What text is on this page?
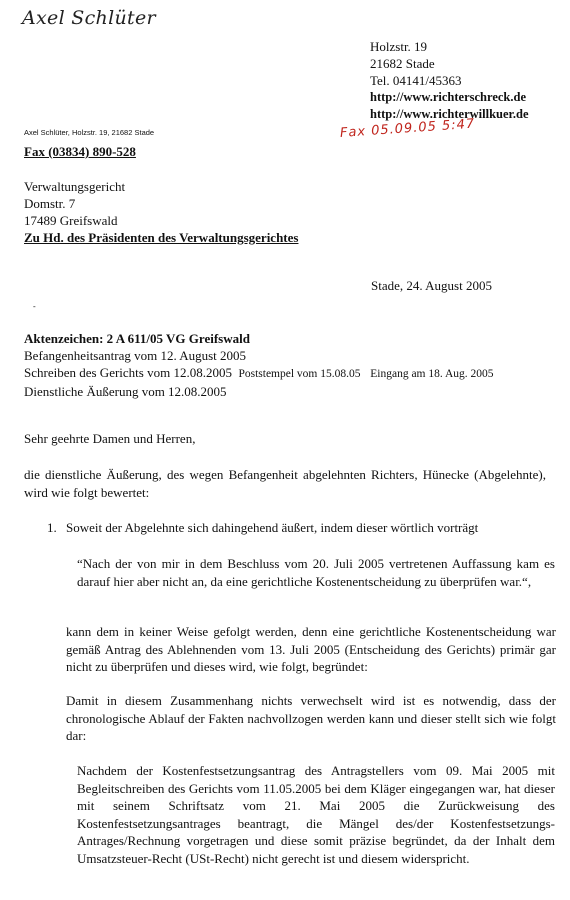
Axel Schlüter
Holzstr. 19
21682 Stade
Tel. 04141/45363
http://www.richterschreck.de
http://www.richterwillkuer.de
Fax 05.09.05 5:47
Axel Schlüter, Holzstr. 19, 21682 Stade
Fax (03834) 890-528
Verwaltungsgericht
Domstr. 7
17489 Greifswald
Zu Hd. des Präsidenten des Verwaltungsgerichtes
Stade, 24. August 2005
-
Aktenzeichen: 2 A 611/05 VG Greifswald
Befangenheitsantrag vom 12. August 2005
Schreiben des Gerichts vom 12.08.2005 Poststempel vom 15.08.05 Eingang am 18. Aug. 2005
Dienstliche Äußerung vom 12.08.2005
Sehr geehrte Damen und Herren,
die dienstliche Äußerung, des wegen Befangenheit abgelehnten Richters, Hünecke (Abgelehnte), wird wie folgt bewertet:
1. Soweit der Abgelehnte sich dahingehend äußert, indem dieser wörtlich vorträgt
“Nach der von mir in dem Beschluss vom 20. Juli 2005 vertretenen Auffassung kam es darauf hier aber nicht an, da eine gerichtliche Kostenentscheidung zu überprüfen war.“,
kann dem in keiner Weise gefolgt werden, denn eine gerichtliche Kostenentscheidung war gemäß Antrag des Ablehnenden vom 13. Juli 2005 (Entscheidung des Gerichts) primär gar nicht zu überprüfen und dieses wird, wie folgt, begründet:
Damit in diesem Zusammenhang nichts verwechselt wird ist es notwendig, dass der chronologische Ablauf der Fakten nachvollzogen werden kann und dieser stellt sich wie folgt dar:
Nachdem der Kostenfestsetzungsantrag des Antragstellers vom 09. Mai 2005 mit Begleitschreiben des Gerichts vom 11.05.2005 bei dem Kläger eingegangen war, hat dieser mit seinem Schriftsatz vom 21. Mai 2005 die Zurückweisung des Kostenfestsetzungsantrages beantragt, die Mängel des/der Kostenfestsetzungs-Antrages/Rechnung vorgetragen und diese somit präzise begründet, da der Inhalt dem Umsatzsteuer-Recht (USt-Recht) nicht gerecht ist und diesem widerspricht.
